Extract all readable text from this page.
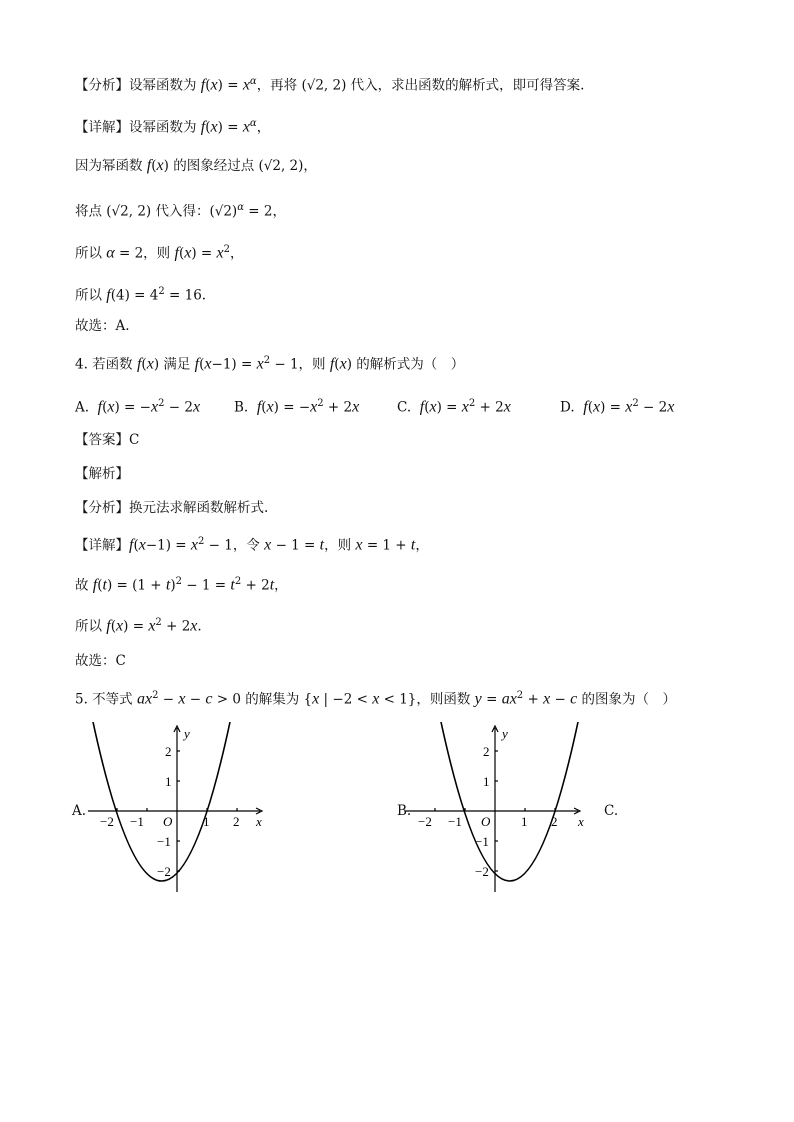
【分析】设幂函数为 $f(x) = x^\alpha$，再将 (√2, 2) 代入，求出函数的解析式，即可得答案.
【详解】设幂函数为 $f(x) = x^\alpha$，
因为幂函数 f(x) 的图象经过点 (√2, 2)，
将点 (√2, 2) 代入得：$(√2)^\alpha = 2$，
所以 α = 2，则 $f(x) = x^2$，
所以 $f(4) = 4^2 = 16$.
故选：A.
4. 若函数 f(x) 满足 $f(x-1) = x^2 - 1$，则 f(x) 的解析式为（　）
A. $f(x) = -x^2 - 2x$	B. $f(x) = -x^2 + 2x$	C. $f(x) = x^2 + 2x$	D. $f(x) = x^2 - 2x$
【答案】C
【解析】
【分析】换元法求解函数解析式.
【详解】$f(x-1) = x^2 - 1$，令 x − 1 = t，则 x = 1 + t，
故 $f(t) = (1 + t)^2 - 1 = t^2 + 2t$，
所以 $f(x) = x^2 + 2x$.
故选：C
5. 不等式 $ax^2 - x - c > 0$ 的解集为 {x | −2 < x < 1}，则函数 $y = ax^2 + x - c$ 的图象为（　）
A.	B.	C.
y
x
O
−2 −1	1 2
2
1
−1
−2
y
x
O
−2 −1	1 2
2
1
−1
−2
